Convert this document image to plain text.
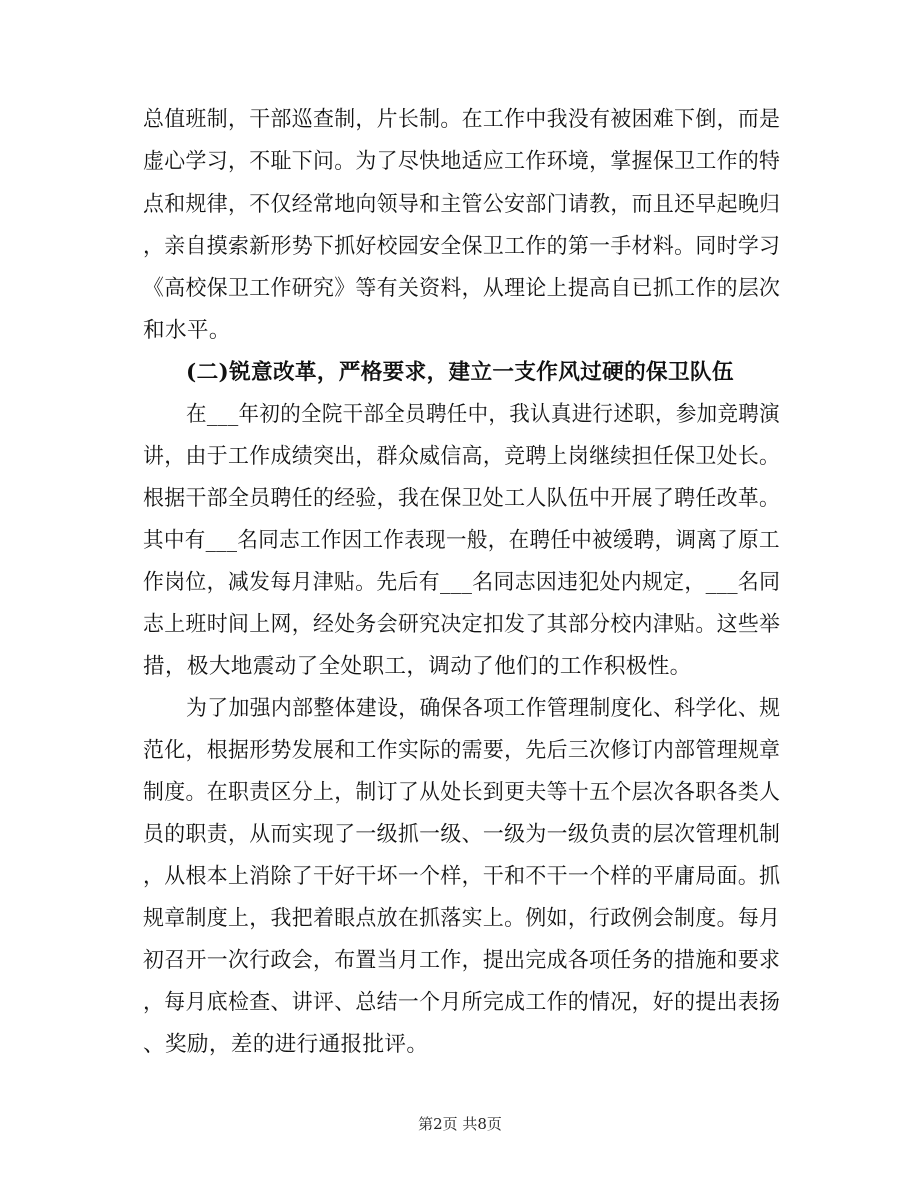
总值班制，干部巡查制，片长制。在工作中我没有被困难下倒，而是
虚心学习，不耻下问。为了尽快地适应工作环境，掌握保卫工作的特
点和规律，不仅经常地向领导和主管公安部门请教，而且还早起晚归
，亲自摸索新形势下抓好校园安全保卫工作的第一手材料。同时学习
《高校保卫工作研究》等有关资料，从理论上提高自已抓工作的层次
和水平。
(二)锐意改革，严格要求，建立一支作风过硬的保卫队伍
在___年初的全院干部全员聘任中，我认真进行述职，参加竞聘演
讲，由于工作成绩突出，群众威信高，竞聘上岗继续担任保卫处长。
根据干部全员聘任的经验，我在保卫处工人队伍中开展了聘任改革。
其中有___名同志工作因工作表现一般，在聘任中被缓聘，调离了原工
作岗位，减发每月津贴。先后有___名同志因违犯处内规定，___名同
志上班时间上网，经处务会研究决定扣发了其部分校内津贴。这些举
措，极大地震动了全处职工，调动了他们的工作积极性。
为了加强内部整体建设，确保各项工作管理制度化、科学化、规
范化，根据形势发展和工作实际的需要，先后三次修订内部管理规章
制度。在职责区分上，制订了从处长到更夫等十五个层次各职各类人
员的职责，从而实现了一级抓一级、一级为一级负责的层次管理机制
，从根本上消除了干好干坏一个样，干和不干一个样的平庸局面。抓
规章制度上，我把着眼点放在抓落实上。例如，行政例会制度。每月
初召开一次行政会，布置当月工作，提出完成各项任务的措施和要求
，每月底检查、讲评、总结一个月所完成工作的情况，好的提出表扬
、奖励，差的进行通报批评。
第2页 共8页
